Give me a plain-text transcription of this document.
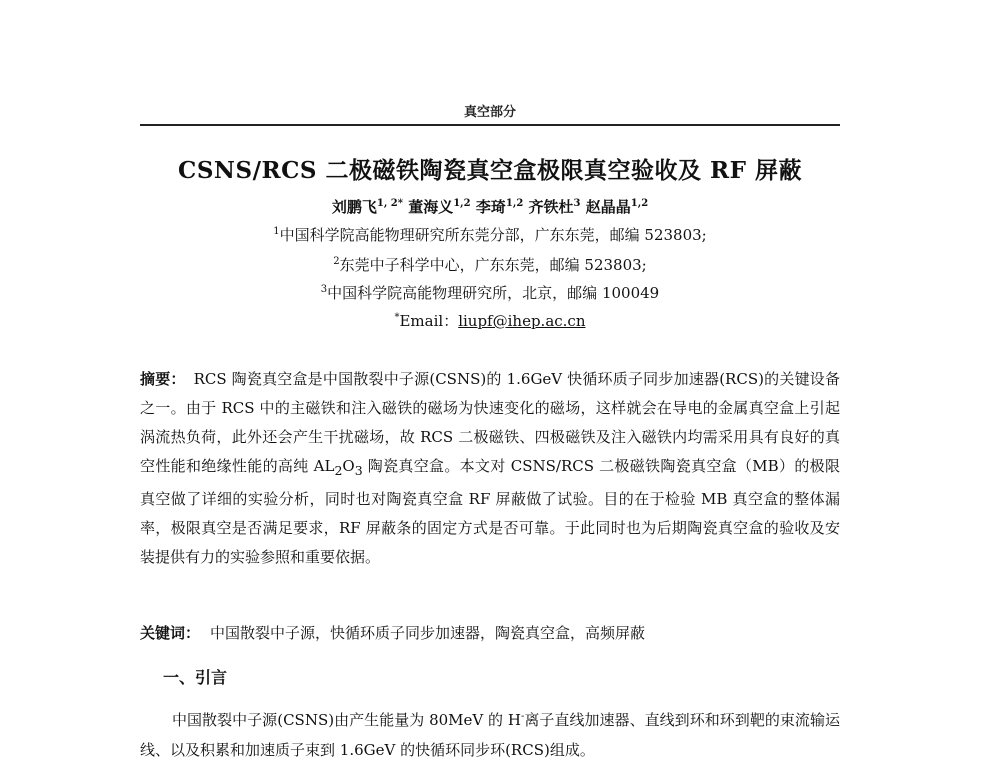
真空部分
CSNS/RCS 二极磁铁陶瓷真空盒极限真空验收及 RF 屏蔽
刘鹏飞$^{1, 2*}$ 董海义$^{1,2}$ 李琦$^{1,2}$ 齐铁杜$^3$ 赵晶晶$^{1,2}$
$^1$中国科学院高能物理研究所东莞分部，广东东莞，邮编 523803;
$^2$东莞中子科学中心，广东东莞，邮编 523803;
$^3$中国科学院高能物理研究所，北京，邮编 100049
*Email：liupf@ihep.ac.cn
摘要： RCS 陶瓷真空盒是中国散裂中子源(CSNS)的 1.6GeV 快循环质子同步加速器(RCS)的关键设备之一。由于 RCS 中的主磁铁和注入磁铁的磁场为快速变化的磁场，这样就会在导电的金属真空盒上引起涡流热负荷，此外还会产生干扰磁场，故 RCS 二极磁铁、四极磁铁及注入磁铁内均需采用具有良好的真空性能和绝缘性能的高纯 $AL_2O_3$ 陶瓷真空盒。本文对 CSNS/RCS 二极磁铁陶瓷真空盒（MB）的极限真空做了详细的实验分析，同时也对陶瓷真空盒 RF 屏蔽做了试验。目的在于检验 MB 真空盒的整体漏率，极限真空是否满足要求，RF 屏蔽条的固定方式是否可靠。于此同时也为后期陶瓷真空盒的验收及安装提供有力的实验参照和重要依据。
关键词： 中国散裂中子源，快循环质子同步加速器，陶瓷真空盒，高频屏蔽
一、引言
中国散裂中子源(CSNS)由产生能量为 80MeV 的 H-离子直线加速器、直线到环和环到靶的束流输运线、以及积累和加速质子束到 1.6GeV 的快循环同步环(RCS)组成。
